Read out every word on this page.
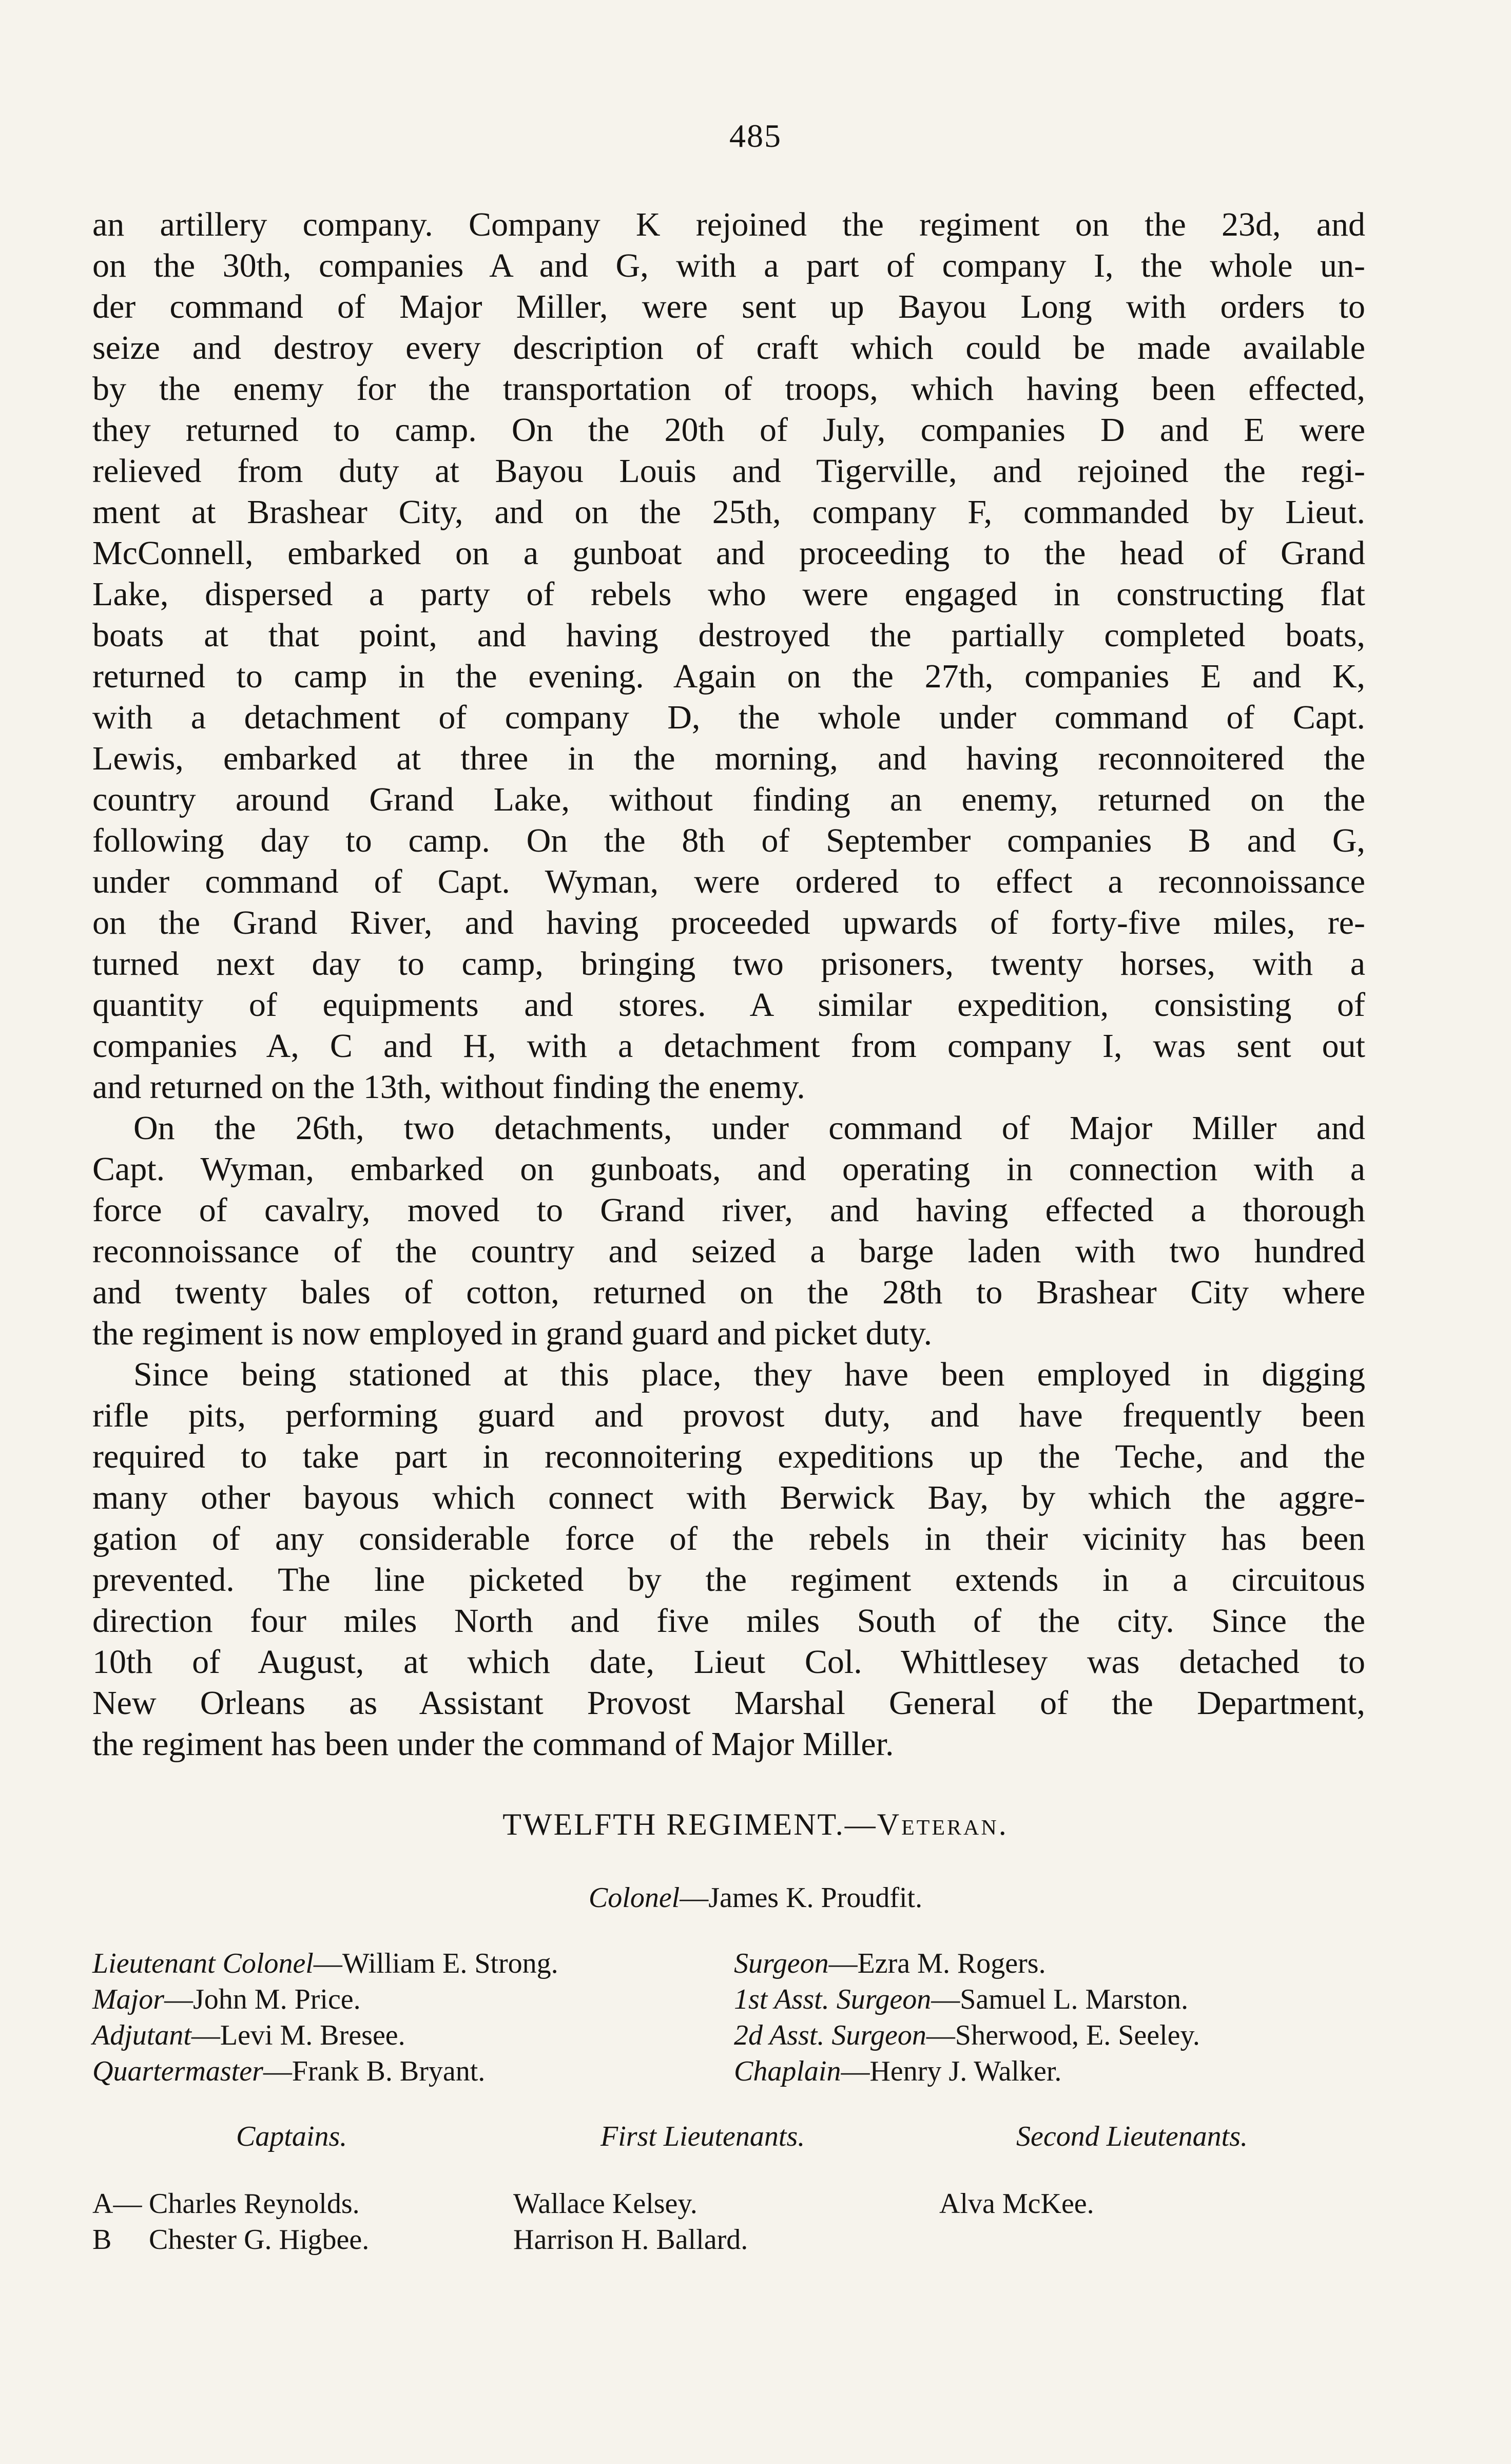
485
an artillery company. Company K rejoined the regiment on the 23d, and
on the 30th, companies A and G, with a part of company I, the whole un-
der command of Major Miller, were sent up Bayou Long with orders to
seize and destroy every description of craft which could be made available
by the enemy for the transportation of troops, which having been effected,
they returned to camp. On the 20th of July, companies D and E were
relieved from duty at Bayou Louis and Tigerville, and rejoined the regi-
ment at Brashear City, and on the 25th, company F, commanded by Lieut.
McConnell, embarked on a gunboat and proceeding to the head of Grand
Lake, dispersed a party of rebels who were engaged in constructing flat
boats at that point, and having destroyed the partially completed boats,
returned to camp in the evening. Again on the 27th, companies E and K,
with a detachment of company D, the whole under command of Capt.
Lewis, embarked at three in the morning, and having reconnoitered the
country around Grand Lake, without finding an enemy, returned on the
following day to camp. On the 8th of September companies B and G,
under command of Capt. Wyman, were ordered to effect a reconnoissance
on the Grand River, and having proceeded upwards of forty-five miles, re-
turned next day to camp, bringing two prisoners, twenty horses, with a
quantity of equipments and stores. A similar expedition, consisting of
companies A, C and H, with a detachment from company I, was sent out
and returned on the 13th, without finding the enemy.
On the 26th, two detachments, under command of Major Miller and
Capt. Wyman, embarked on gunboats, and operating in connection with a
force of cavalry, moved to Grand river, and having effected a thorough
reconnoissance of the country and seized a barge laden with two hundred
and twenty bales of cotton, returned on the 28th to Brashear City where
the regiment is now employed in grand guard and picket duty.
Since being stationed at this place, they have been employed in digging
rifle pits, performing guard and provost duty, and have frequently been
required to take part in reconnoitering expeditions up the Teche, and the
many other bayous which connect with Berwick Bay, by which the aggre-
gation of any considerable force of the rebels in their vicinity has been
prevented. The line picketed by the regiment extends in a circuitous
direction four miles North and five miles South of the city. Since the
10th of August, at which date, Lieut Col. Whittlesey was detached to
New Orleans as Assistant Provost Marshal General of the Department,
the regiment has been under the command of Major Miller.
TWELFTH REGIMENT.—Veteran.
Colonel—James K. Proudfit.
Lieutenant Colonel—William E. Strong.	Surgeon—Ezra M. Rogers.
Major—John M. Price.	1st Asst. Surgeon—Samuel L. Marston.
Adjutant—Levi M. Bresee.	2d Asst. Surgeon—Sherwood, E. Seeley.
Quartermaster—Frank B. Bryant.	Chaplain—Henry J. Walker.
Captains.	First Lieutenants.	Second Lieutenants.
A— Charles Reynolds.	Wallace Kelsey.	Alva McKee.
B Chester G. Higbee.	Harrison H. Ballard.
